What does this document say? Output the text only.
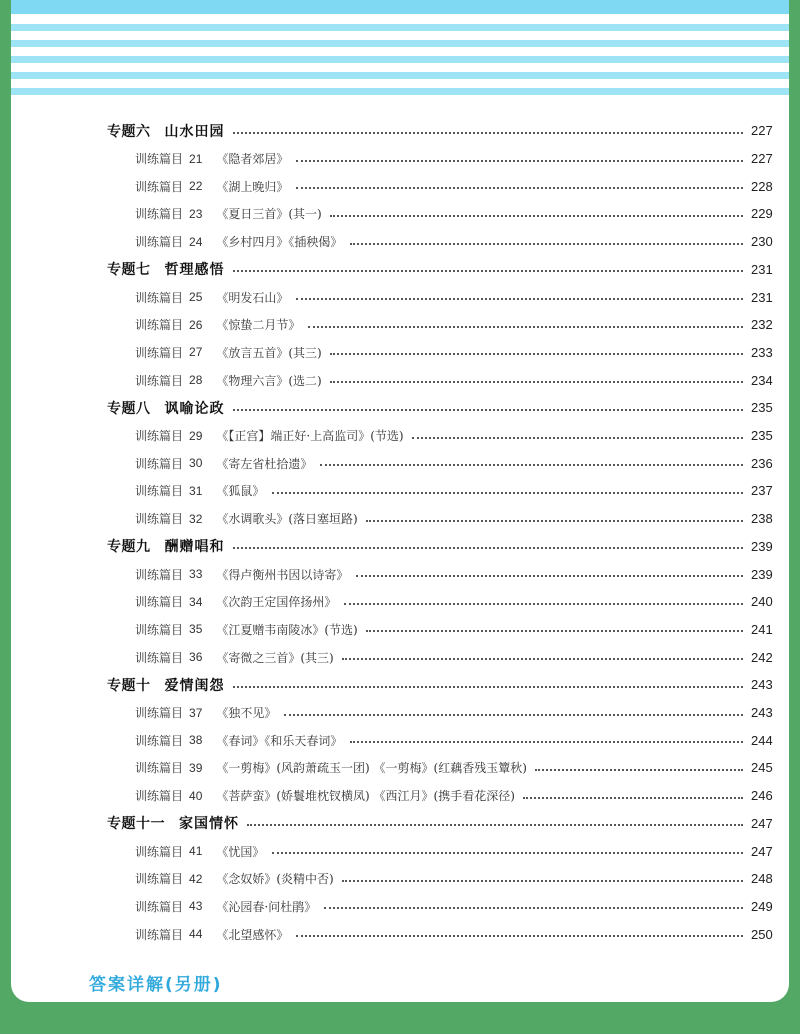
专题六 山水田园	227
训练篇目 21 《隐者郊居》	227
训练篇目 22 《湖上晚归》	228
训练篇目 23 《夏日三首》(其一)	229
训练篇目 24 《乡村四月》《插秧偈》	230
专题七 哲理感悟	231
训练篇目 25 《明发石山》	231
训练篇目 26 《惊蛰二月节》	232
训练篇目 27 《放言五首》(其三)	233
训练篇目 28 《物理六言》(选二)	234
专题八 讽喻论政	235
训练篇目 29 《【正宫】端正好·上高监司》(节选)	235
训练篇目 30 《寄左省杜拾遗》	236
训练篇目 31 《狐鼠》	237
训练篇目 32 《水调歌头》(落日塞垣路)	238
专题九 酬赠唱和	239
训练篇目 33 《得卢衡州书因以诗寄》	239
训练篇目 34 《次韵王定国倅扬州》	240
训练篇目 35 《江夏赠韦南陵冰》(节选)	241
训练篇目 36 《寄微之三首》(其三)	242
专题十 爱情闺怨	243
训练篇目 37 《独不见》	243
训练篇目 38 《春词》《和乐天春词》	244
训练篇目 39 《一剪梅》(风韵萧疏玉一团) 《一剪梅》(红藕香残玉簟秋)	245
训练篇目 40 《菩萨蛮》(娇鬟堆枕钗横凤) 《西江月》(携手看花深径)	246
专题十一 家国情怀	247
训练篇目 41 《忧国》	247
训练篇目 42 《念奴娇》(炎精中否)	248
训练篇目 43 《沁园春·问杜鹃》	249
训练篇目 44 《北望感怀》	250
答案详解(另册)
